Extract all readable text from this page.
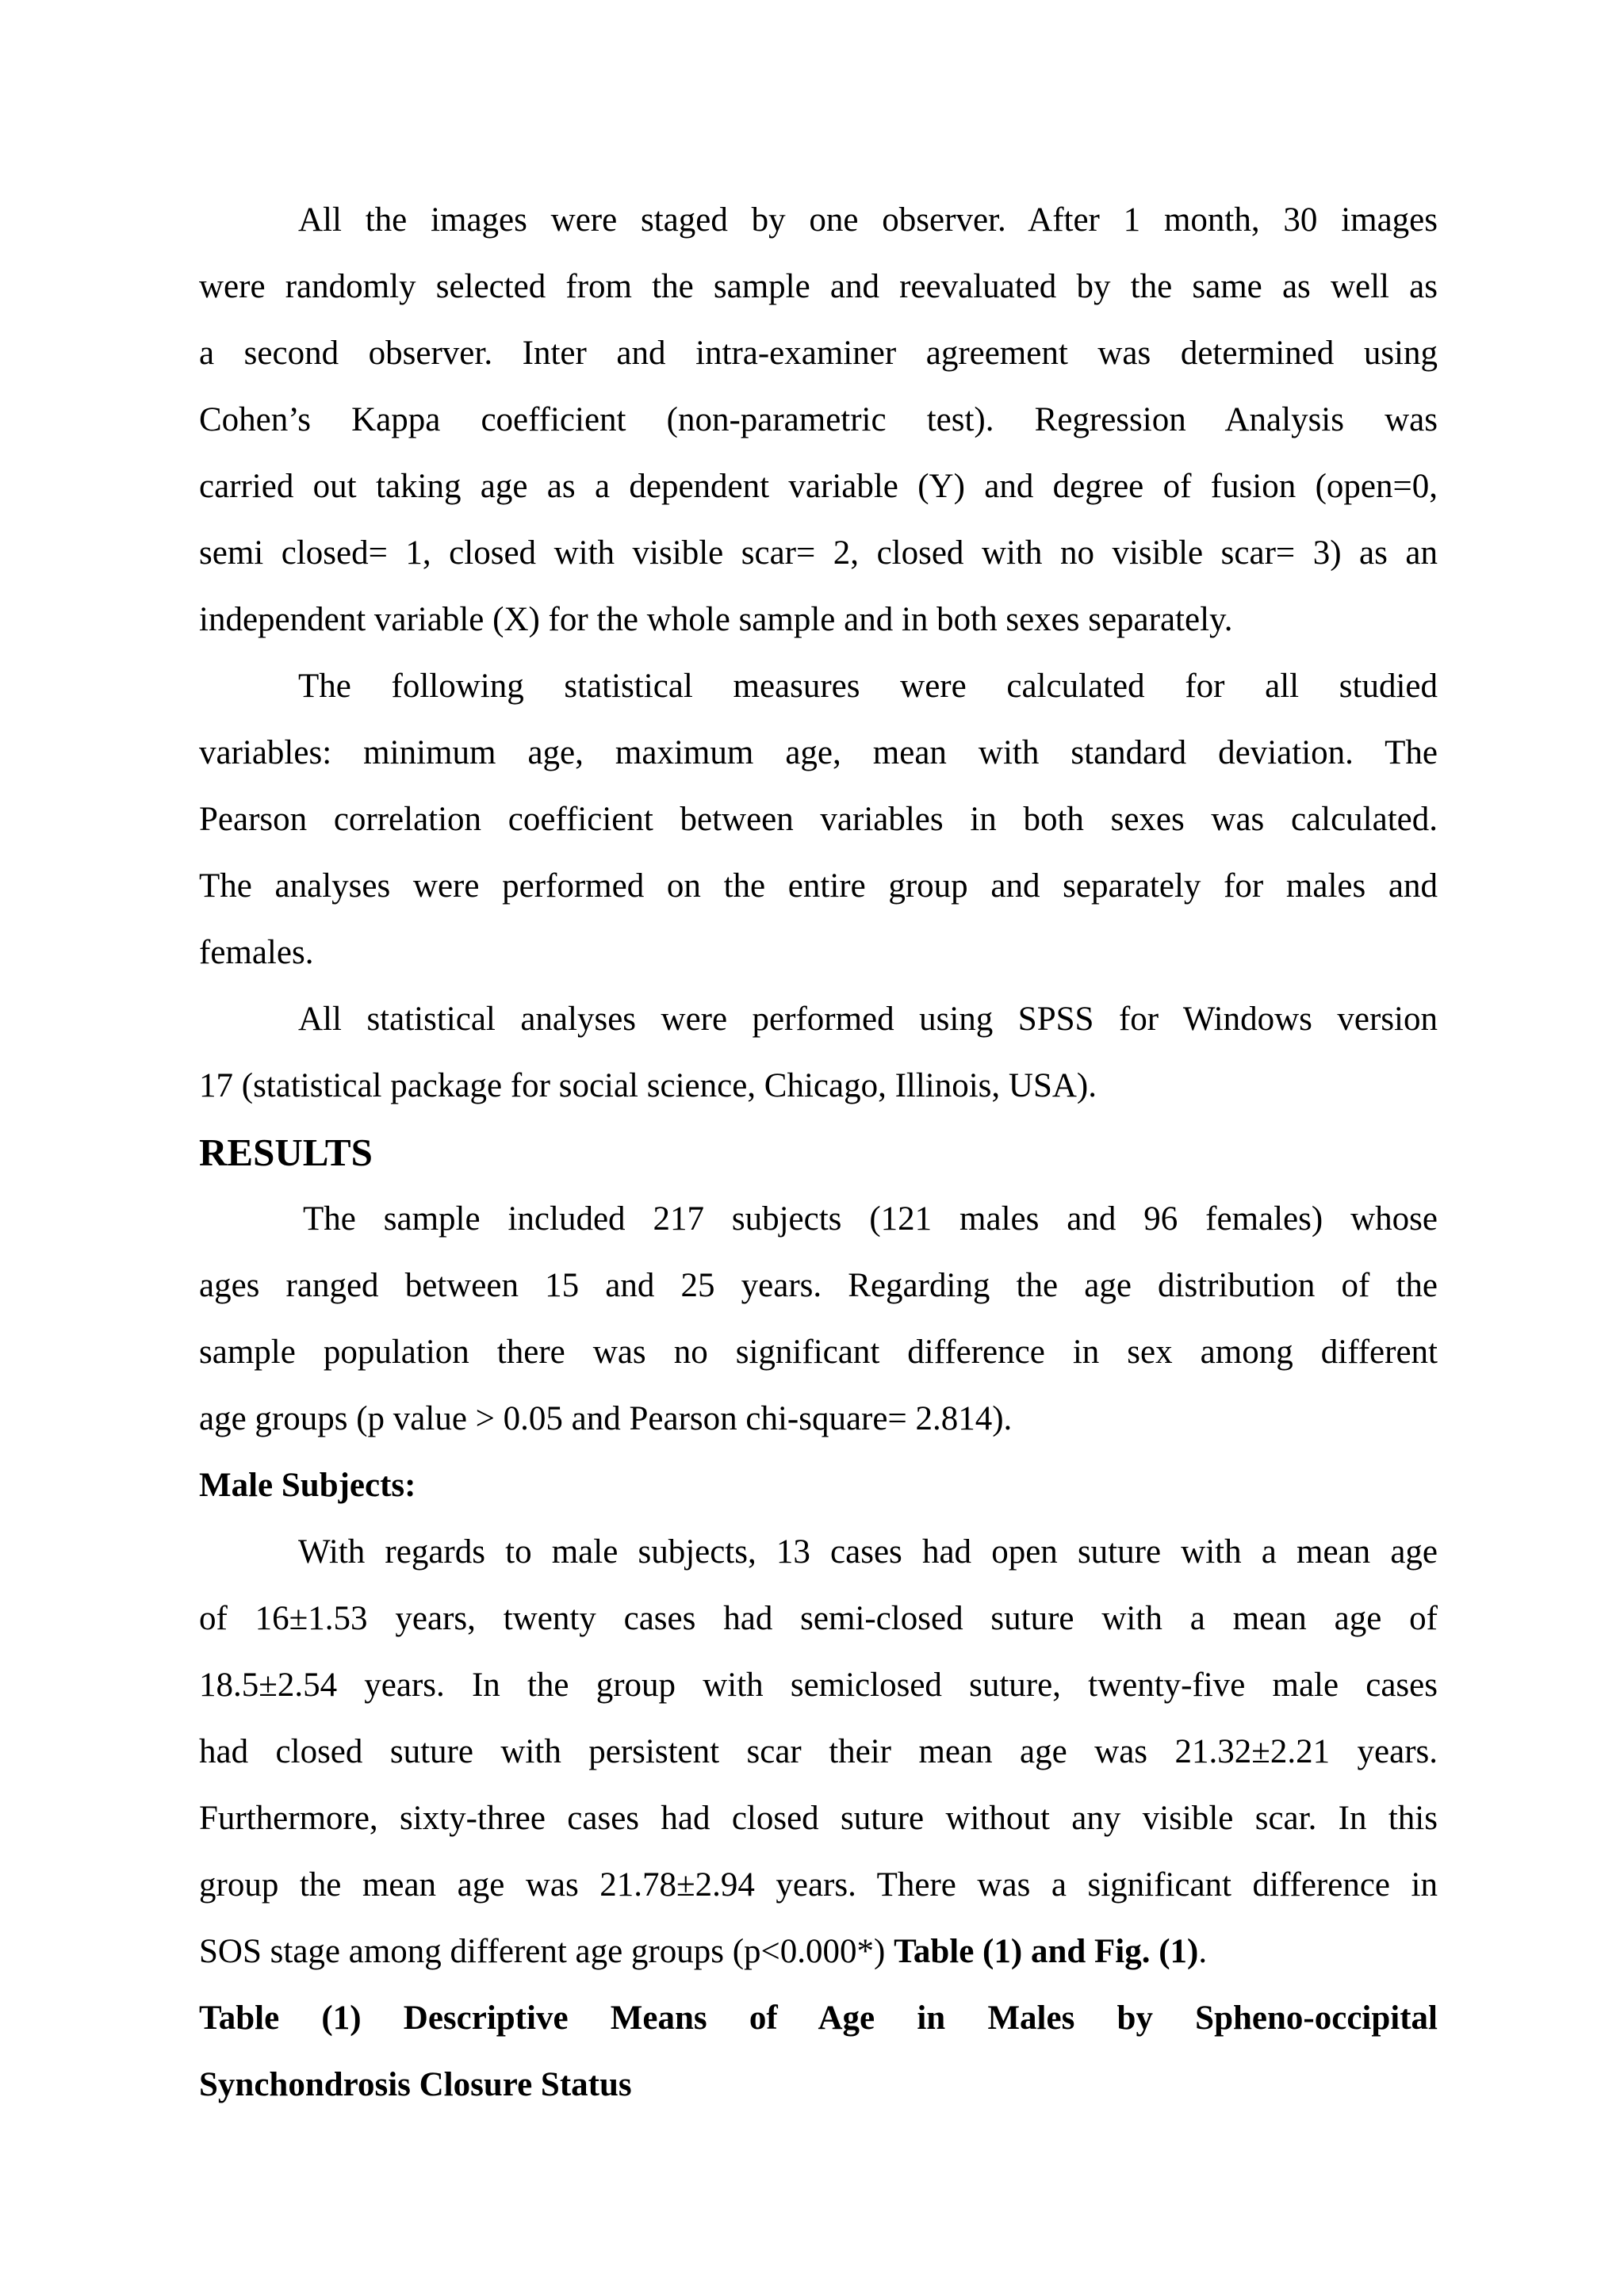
All the images were staged by one observer. After 1 month, 30 images
were randomly selected from the sample and reevaluated by the same as well as
a second observer. Inter and intra-examiner agreement was determined using
Cohen’s Kappa coefficient (non-parametric test). Regression Analysis was
carried out taking age as a dependent variable (Y) and degree of fusion (open=0,
semi closed= 1, closed with visible scar= 2, closed with no visible scar= 3) as an
independent variable (X) for the whole sample and in both sexes separately.

The following statistical measures were calculated for all studied
variables: minimum age, maximum age, mean with standard deviation. The
Pearson correlation coefficient between variables in both sexes was calculated.
The analyses were performed on the entire group and separately for males and
females.

All statistical analyses were performed using SPSS for Windows version
17 (statistical package for social science, Chicago, Illinois, USA).

RESULTS

The sample included 217 subjects (121 males and 96 females) whose
ages ranged between 15 and 25 years. Regarding the age distribution of the
sample population there was no significant difference in sex among different
age groups (p value > 0.05 and Pearson chi-square= 2.814).

Male Subjects:

With regards to male subjects, 13 cases had open suture with a mean age
of 16±1.53 years, twenty cases had semi-closed suture with a mean age of
18.5±2.54 years. In the group with semiclosed suture, twenty-five male cases
had closed suture with persistent scar their mean age was 21.32±2.21 years.
Furthermore, sixty-three cases had closed suture without any visible scar. In this
group the mean age was 21.78±2.94 years. There was a significant difference in
SOS stage among different age groups (p<0.000*) Table (1) and Fig. (1).

Table (1) Descriptive Means of Age in Males by Spheno-occipital
Synchondrosis Closure Status
